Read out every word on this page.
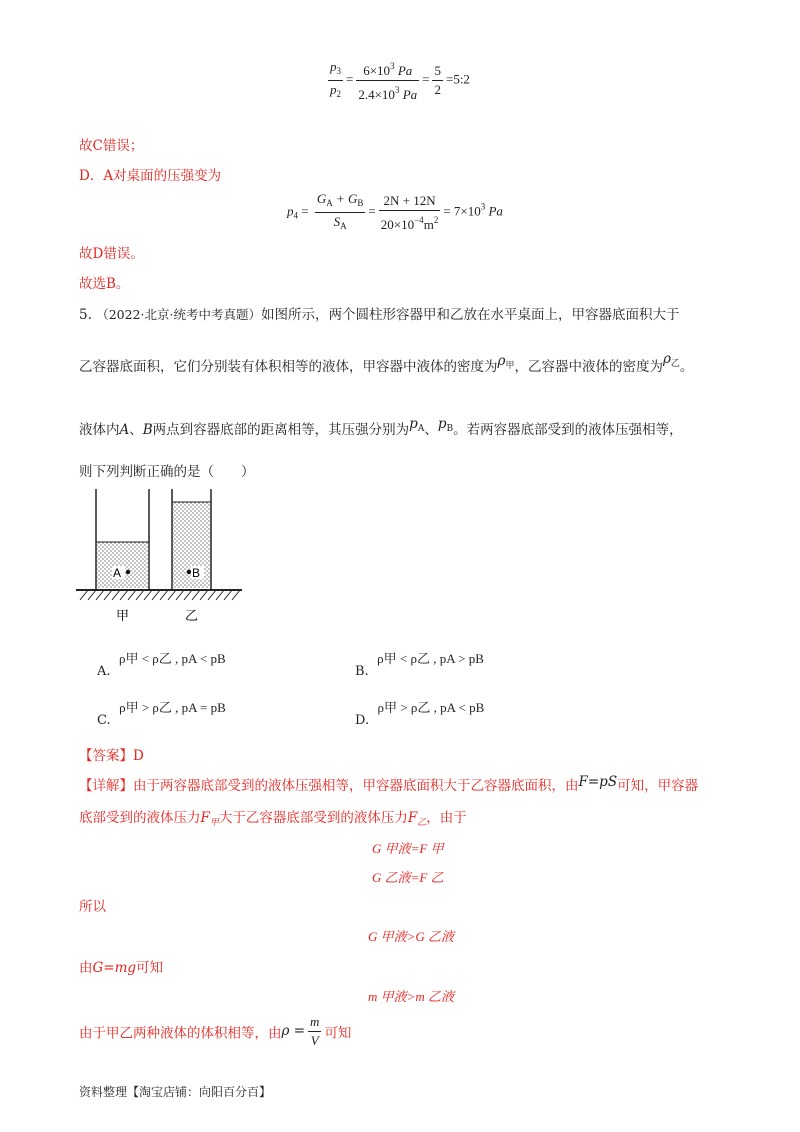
$\frac{p_3}{p_2} = \frac{6\times 10^3 Pa}{2.4\times 10^3 Pa} = \frac{5}{2}$ =5:2
故C错误；
D．A对桌面的压强变为
$p_4 = \frac{G_A + G_B}{S_A} = \frac{2N + 12N}{20\times 10^{-4}m^2} = 7\times 10^3$ Pa
故D错误。
故选B。
5. （2022·北京·统考中考真题）如图所示，两个圆柱形容器甲和乙放在水平桌面上，甲容器底面积大于
乙容器底面积，它们分别装有体积相等的液体，甲容器中液体的密度为$\rho^甲$，乙容器中液体的密度为$\rho^乙$。
液体内A、B两点到容器底部的距离相等，其压强分别为$p^A$、$p^B$。若两容器底部受到的液体压强相等，
则下列判断正确的是（　　）
A	B
甲	乙
A. ρ甲 < ρ乙 , pA < pB
B. ρ甲 < ρ乙 , pA > pB
C. ρ甲 > ρ乙 , pA = pB
D. ρ甲 > ρ乙 , pA < pB
【答案】D
【详解】由于两容器底部受到的液体压强相等，甲容器底面积大于乙容器底面积，由F=pS可知，甲容器
底部受到的液体压力$F_甲$大于乙容器底部受到的液体压力$F_乙$，由于
G 甲液=F 甲
G 乙液=F 乙
所以
G 甲液>G 乙液
由G=mg可知
m 甲液>m 乙液
由于甲乙两种液体的体积相等，由$\rho = \frac{m}{V}$ 可知
资料整理【淘宝店铺：向阳百分百】
